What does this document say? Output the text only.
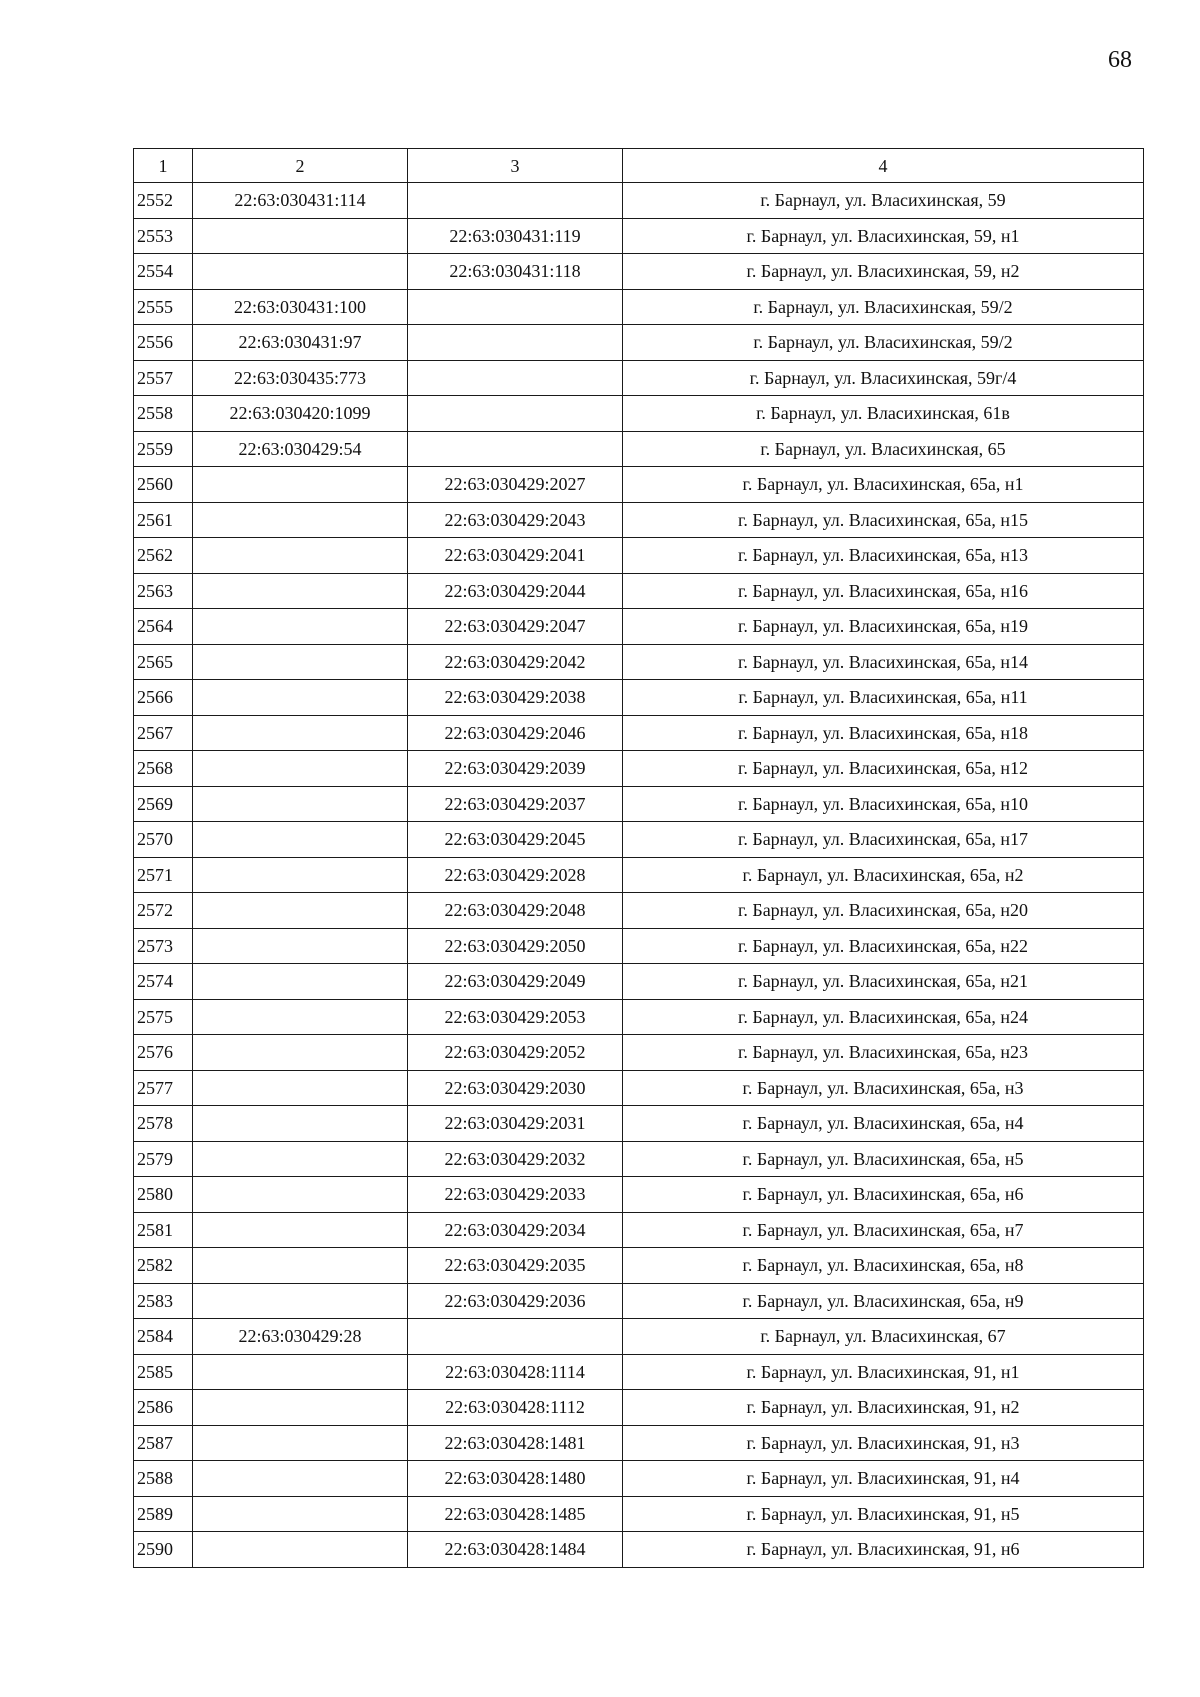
68
1	2	3	4
2552	22:63:030431:114		г. Барнаул, ул. Власихинская, 59
2553		22:63:030431:119	г. Барнаул, ул. Власихинская, 59, н1
2554		22:63:030431:118	г. Барнаул, ул. Власихинская, 59, н2
2555	22:63:030431:100		г. Барнаул, ул. Власихинская, 59/2
2556	22:63:030431:97		г. Барнаул, ул. Власихинская, 59/2
2557	22:63:030435:773		г. Барнаул, ул. Власихинская, 59г/4
2558	22:63:030420:1099		г. Барнаул, ул. Власихинская, 61в
2559	22:63:030429:54		г. Барнаул, ул. Власихинская, 65
2560		22:63:030429:2027	г. Барнаул, ул. Власихинская, 65а, н1
2561		22:63:030429:2043	г. Барнаул, ул. Власихинская, 65а, н15
2562		22:63:030429:2041	г. Барнаул, ул. Власихинская, 65а, н13
2563		22:63:030429:2044	г. Барнаул, ул. Власихинская, 65а, н16
2564		22:63:030429:2047	г. Барнаул, ул. Власихинская, 65а, н19
2565		22:63:030429:2042	г. Барнаул, ул. Власихинская, 65а, н14
2566		22:63:030429:2038	г. Барнаул, ул. Власихинская, 65а, н11
2567		22:63:030429:2046	г. Барнаул, ул. Власихинская, 65а, н18
2568		22:63:030429:2039	г. Барнаул, ул. Власихинская, 65а, н12
2569		22:63:030429:2037	г. Барнаул, ул. Власихинская, 65а, н10
2570		22:63:030429:2045	г. Барнаул, ул. Власихинская, 65а, н17
2571		22:63:030429:2028	г. Барнаул, ул. Власихинская, 65а, н2
2572		22:63:030429:2048	г. Барнаул, ул. Власихинская, 65а, н20
2573		22:63:030429:2050	г. Барнаул, ул. Власихинская, 65а, н22
2574		22:63:030429:2049	г. Барнаул, ул. Власихинская, 65а, н21
2575		22:63:030429:2053	г. Барнаул, ул. Власихинская, 65а, н24
2576		22:63:030429:2052	г. Барнаул, ул. Власихинская, 65а, н23
2577		22:63:030429:2030	г. Барнаул, ул. Власихинская, 65а, н3
2578		22:63:030429:2031	г. Барнаул, ул. Власихинская, 65а, н4
2579		22:63:030429:2032	г. Барнаул, ул. Власихинская, 65а, н5
2580		22:63:030429:2033	г. Барнаул, ул. Власихинская, 65а, н6
2581		22:63:030429:2034	г. Барнаул, ул. Власихинская, 65а, н7
2582		22:63:030429:2035	г. Барнаул, ул. Власихинская, 65а, н8
2583		22:63:030429:2036	г. Барнаул, ул. Власихинская, 65а, н9
2584	22:63:030429:28		г. Барнаул, ул. Власихинская, 67
2585		22:63:030428:1114	г. Барнаул, ул. Власихинская, 91, н1
2586		22:63:030428:1112	г. Барнаул, ул. Власихинская, 91, н2
2587		22:63:030428:1481	г. Барнаул, ул. Власихинская, 91, н3
2588		22:63:030428:1480	г. Барнаул, ул. Власихинская, 91, н4
2589		22:63:030428:1485	г. Барнаул, ул. Власихинская, 91, н5
2590		22:63:030428:1484	г. Барнаул, ул. Власихинская, 91, н6
